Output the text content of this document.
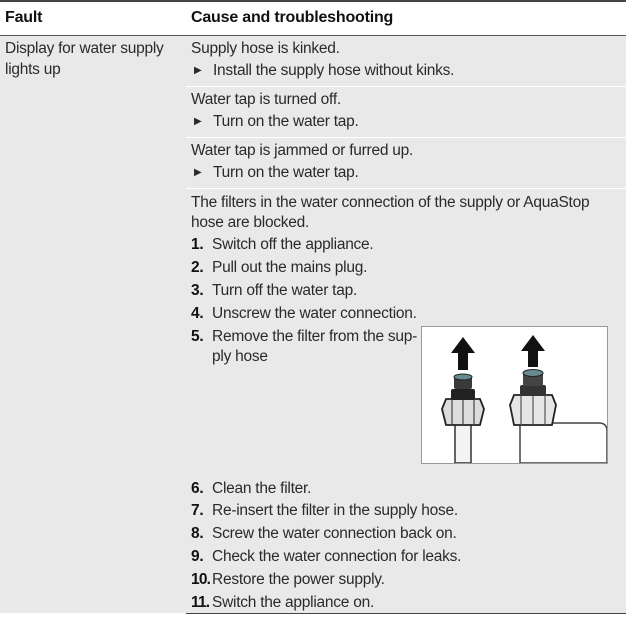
Fault	Cause and troubleshooting
Display for water supply
lights up
Supply hose is kinked.
▶ Install the supply hose without kinks.
Water tap is turned off.
▶ Turn on the water tap.
Water tap is jammed or furred up.
▶ Turn on the water tap.
The filters in the water connection of the supply or AquaStop
hose are blocked.
1. Switch off the appliance.
2. Pull out the mains plug.
3. Turn off the water tap.
4. Unscrew the water connection.
5. Remove the filter from the sup-
ply hose
6. Clean the filter.
7. Re-insert the filter in the supply hose.
8. Screw the water connection back on.
9. Check the water connection for leaks.
10. Restore the power supply.
11. Switch the appliance on.
